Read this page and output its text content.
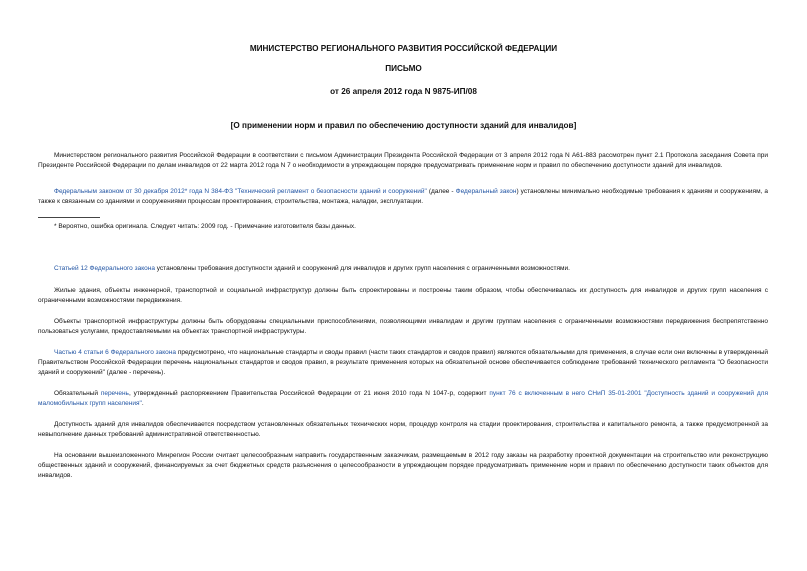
МИНИСТЕРСТВО РЕГИОНАЛЬНОГО РАЗВИТИЯ РОССИЙСКОЙ ФЕДЕРАЦИИ
ПИСЬМО
от 26 апреля 2012 года N 9875-ИП/08
[О применении норм и правил по обеспечению доступности зданий для инвалидов]

Министерством регионального развития Российской Федерации в соответствии с письмом Администрации Президента Российской Федерации от 3 апреля 2012 года N А61-883 рассмотрен пункт 2.1 Протокола заседания Совета при Президенте Российской Федерации по делам инвалидов от 22 марта 2012 года N 7 о необходимости в упреждающем порядке предусматривать применение норм и правил по обеспечению доступности зданий для инвалидов.

Федеральным законом от 30 декабря 2012* года N 384-ФЗ "Технический регламент о безопасности зданий и сооружений" (далее - Федеральный закон) установлены минимально необходимые требования к зданиям и сооружениям, а также к связанным со зданиями и сооружениями процессам проектирования, строительства, монтажа, наладки, эксплуатации.

* Вероятно, ошибка оригинала. Следует читать: 2009 год. - Примечание изготовителя базы данных.

Статьей 12 Федерального закона установлены требования доступности зданий и сооружений для инвалидов и других групп населения с ограниченными возможностями.

Жилые здания, объекты инженерной, транспортной и социальной инфраструктур должны быть спроектированы и построены таким образом, чтобы обеспечивалась их доступность для инвалидов и других групп населения с ограниченными возможностями передвижения.

Объекты транспортной инфраструктуры должны быть оборудованы специальными приспособлениями, позволяющими инвалидам и другим группам населения с ограниченными возможностями передвижения беспрепятственно пользоваться услугами, предоставляемыми на объектах транспортной инфраструктуры.

Частью 4 статьи 6 Федерального закона предусмотрено, что национальные стандарты и своды правил (части таких стандартов и сводов правил) являются обязательными для применения, в случае если они включены в утвержденный Правительством Российской Федерации перечень национальных стандартов и сводов правил, в результате применения которых на обязательной основе обеспечивается соблюдение требований технического регламента "О безопасности зданий и сооружений" (далее - перечень).

Обязательный перечень, утвержденный распоряжением Правительства Российской Федерации от 21 июня 2010 года N 1047-р, содержит пункт 76 с включенным в него СНиП 35-01-2001 "Доступность зданий и сооружений для маломобильных групп населения".

Доступность зданий для инвалидов обеспечивается посредством установленных обязательных технических норм, процедур контроля на стадии проектирования, строительства и капитального ремонта, а также предусмотренной за невыполнение данных требований административной ответственностью.

На основании вышеизложенного Минрегион России считает целесообразным направить государственным заказчикам, размещаемым в 2012 году заказы на разработку проектной документации на строительство или реконструкцию общественных зданий и сооружений, финансируемых за счет бюджетных средств разъяснения о целесообразности в упреждающем порядке предусматривать применение норм и правил по обеспечению доступности таких объектов для инвалидов.
